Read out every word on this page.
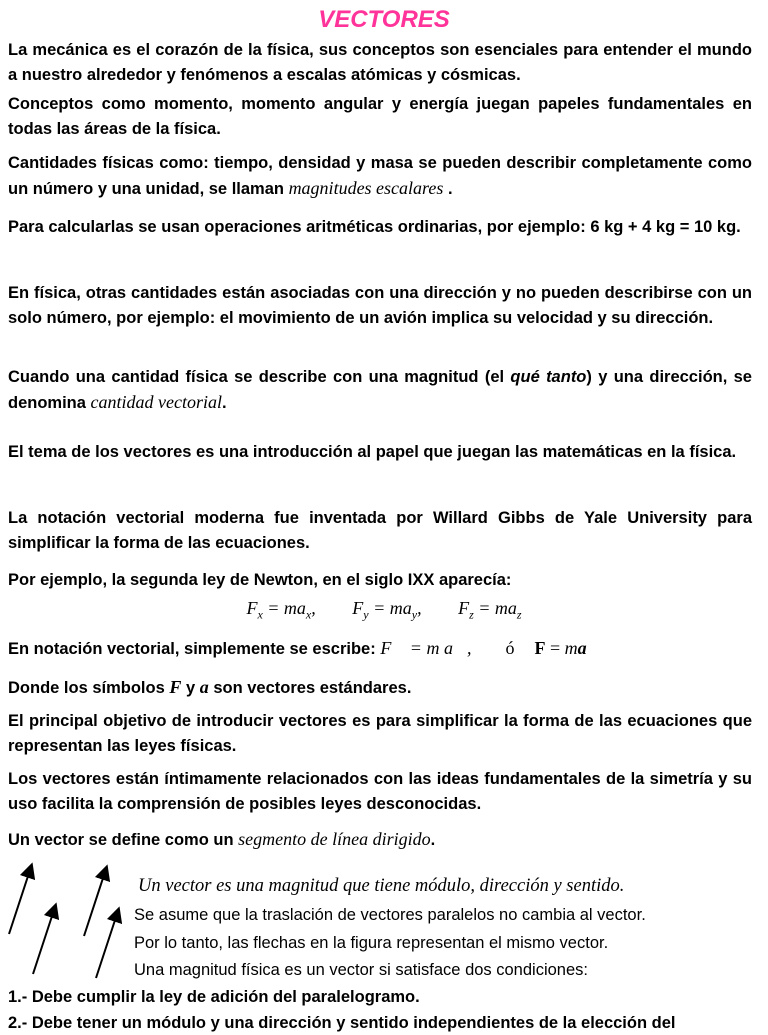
VECTORES

La mecánica es el corazón de la física, sus conceptos son esenciales para entender el mundo a nuestro alrededor y fenómenos a escalas atómicas y cósmicas.

Conceptos como momento, momento angular y energía juegan papeles fundamentales en todas las áreas de la física.

Cantidades físicas como: tiempo, densidad y masa se pueden describir completamente como un número y una unidad, se llaman magnitudes escalares .

Para calcularlas se usan operaciones aritméticas ordinarias, por ejemplo: 6 kg + 4 kg = 10 kg.

En física, otras cantidades están asociadas con una dirección y no pueden describirse con un solo número, por ejemplo: el movimiento de un avión implica su velocidad y su dirección.

Cuando una cantidad física se describe con una magnitud (el qué tanto) y una dirección, se denomina cantidad vectorial.

El tema de los vectores es una introducción al papel que juegan las matemáticas en la física.

La notación vectorial moderna fue inventada por Willard Gibbs de Yale University para simplificar la forma de las ecuaciones.

Por ejemplo, la segunda ley de Newton, en el siglo IXX aparecía:

$F_x = ma_x$, $F_y = ma_y$, $F_z = ma_z$

En notación vectorial, simplemente se escribe: F⃗ = m a⃗, ó F = ma

Donde los símbolos F y a son vectores estándares.

El principal objetivo de introducir vectores es para simplificar la forma de las ecuaciones que representan las leyes físicas.

Los vectores están íntimamente relacionados con las ideas fundamentales de la simetría y su uso facilita la comprensión de posibles leyes desconocidas.

Un vector se define como un segmento de línea dirigido.

Un vector es una magnitud que tiene módulo, dirección y sentido.

Se asume que la traslación de vectores paralelos no cambia al vector.

Por lo tanto, las flechas en la figura representan el mismo vector.

Una magnitud física es un vector si satisface dos condiciones:

1.- Debe cumplir la ley de adición del paralelogramo.

2.- Debe tener un módulo y una dirección y sentido independientes de la elección del
